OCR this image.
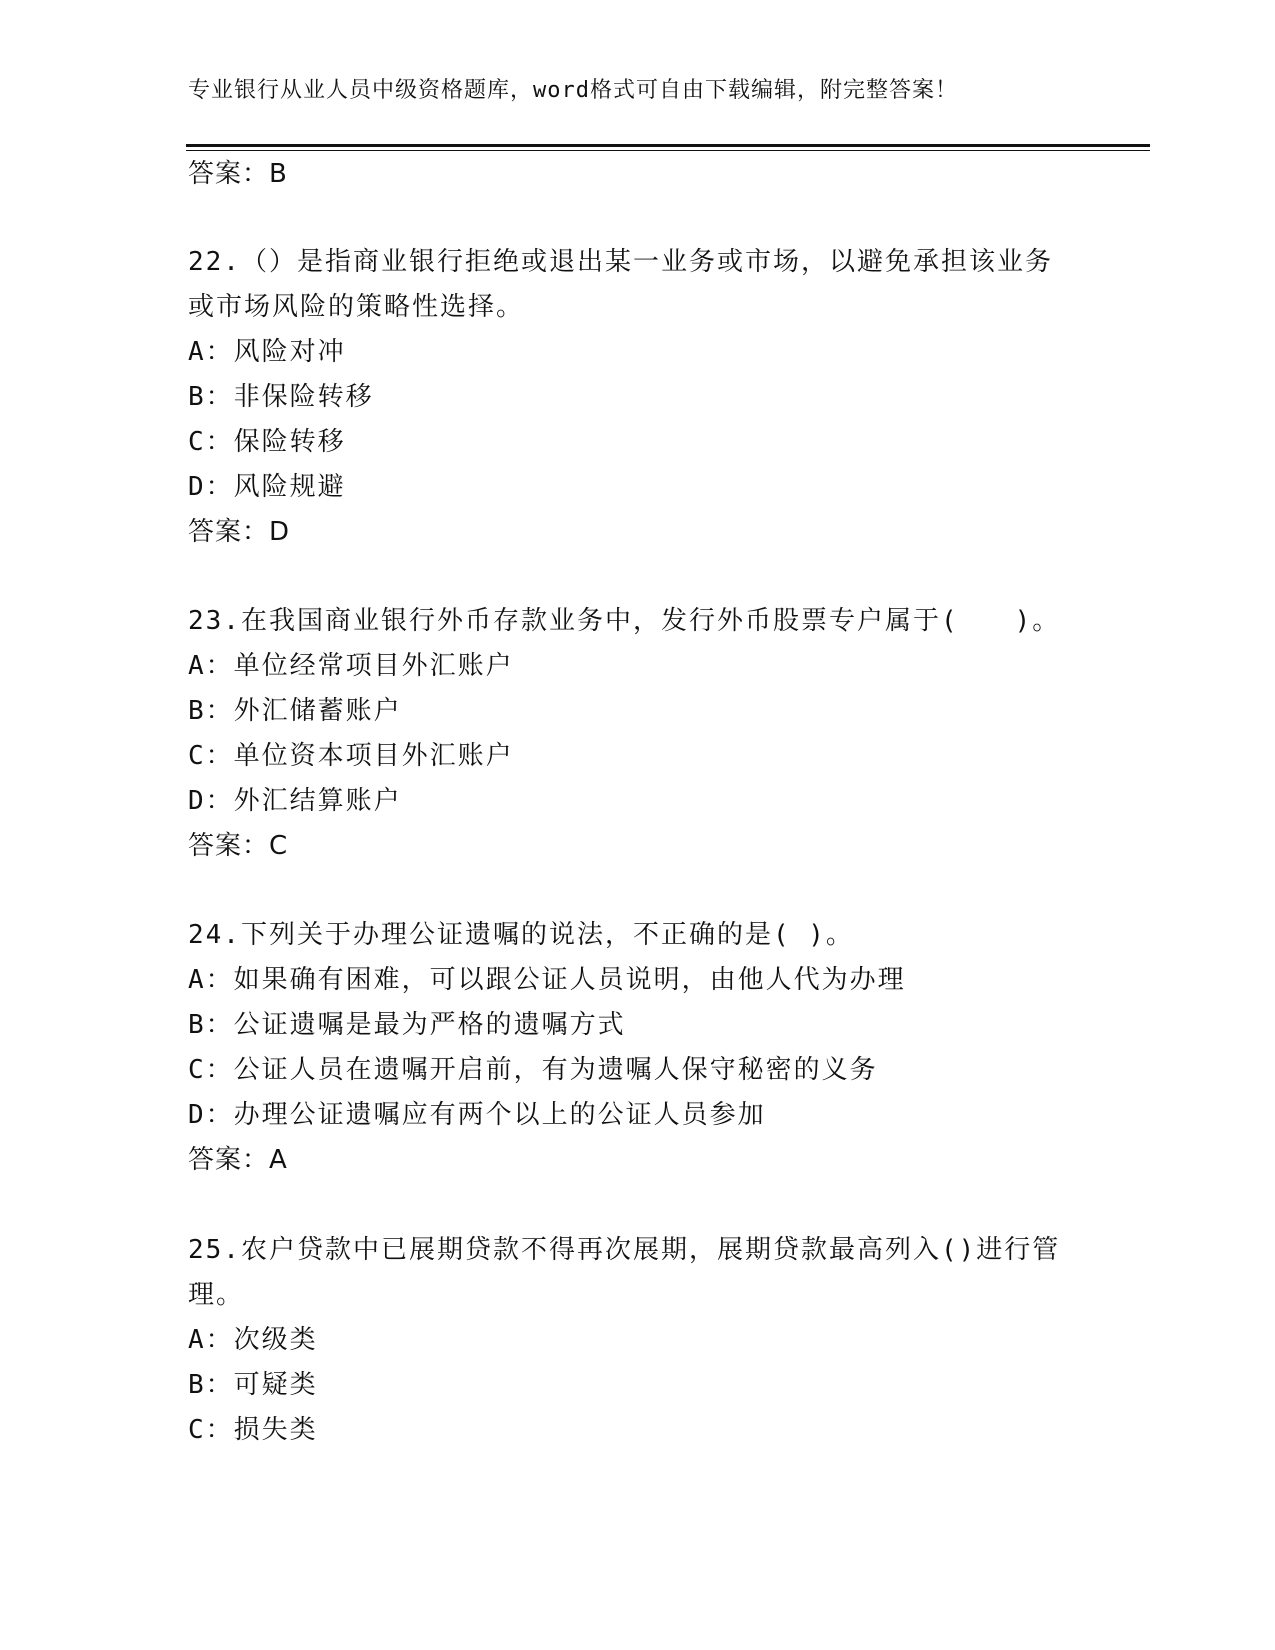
专业银行从业人员中级资格题库，word格式可自由下载编辑，附完整答案！
答案：B
22.（）是指商业银行拒绝或退出某一业务或市场，以避免承担该业务
或市场风险的策略性选择。
A：风险对冲
B：非保险转移
C：保险转移
D：风险规避
答案：D
23.在我国商业银行外币存款业务中，发行外币股票专户属于(　　)。
A：单位经常项目外汇账户
B：外汇储蓄账户
C：单位资本项目外汇账户
D：外汇结算账户
答案：C
24.下列关于办理公证遗嘱的说法，不正确的是( )。
A：如果确有困难，可以跟公证人员说明，由他人代为办理
B：公证遗嘱是最为严格的遗嘱方式
C：公证人员在遗嘱开启前，有为遗嘱人保守秘密的义务
D：办理公证遗嘱应有两个以上的公证人员参加
答案：A
25.农户贷款中已展期贷款不得再次展期，展期贷款最高列入()进行管
理。
A：次级类
B：可疑类
C：损失类
